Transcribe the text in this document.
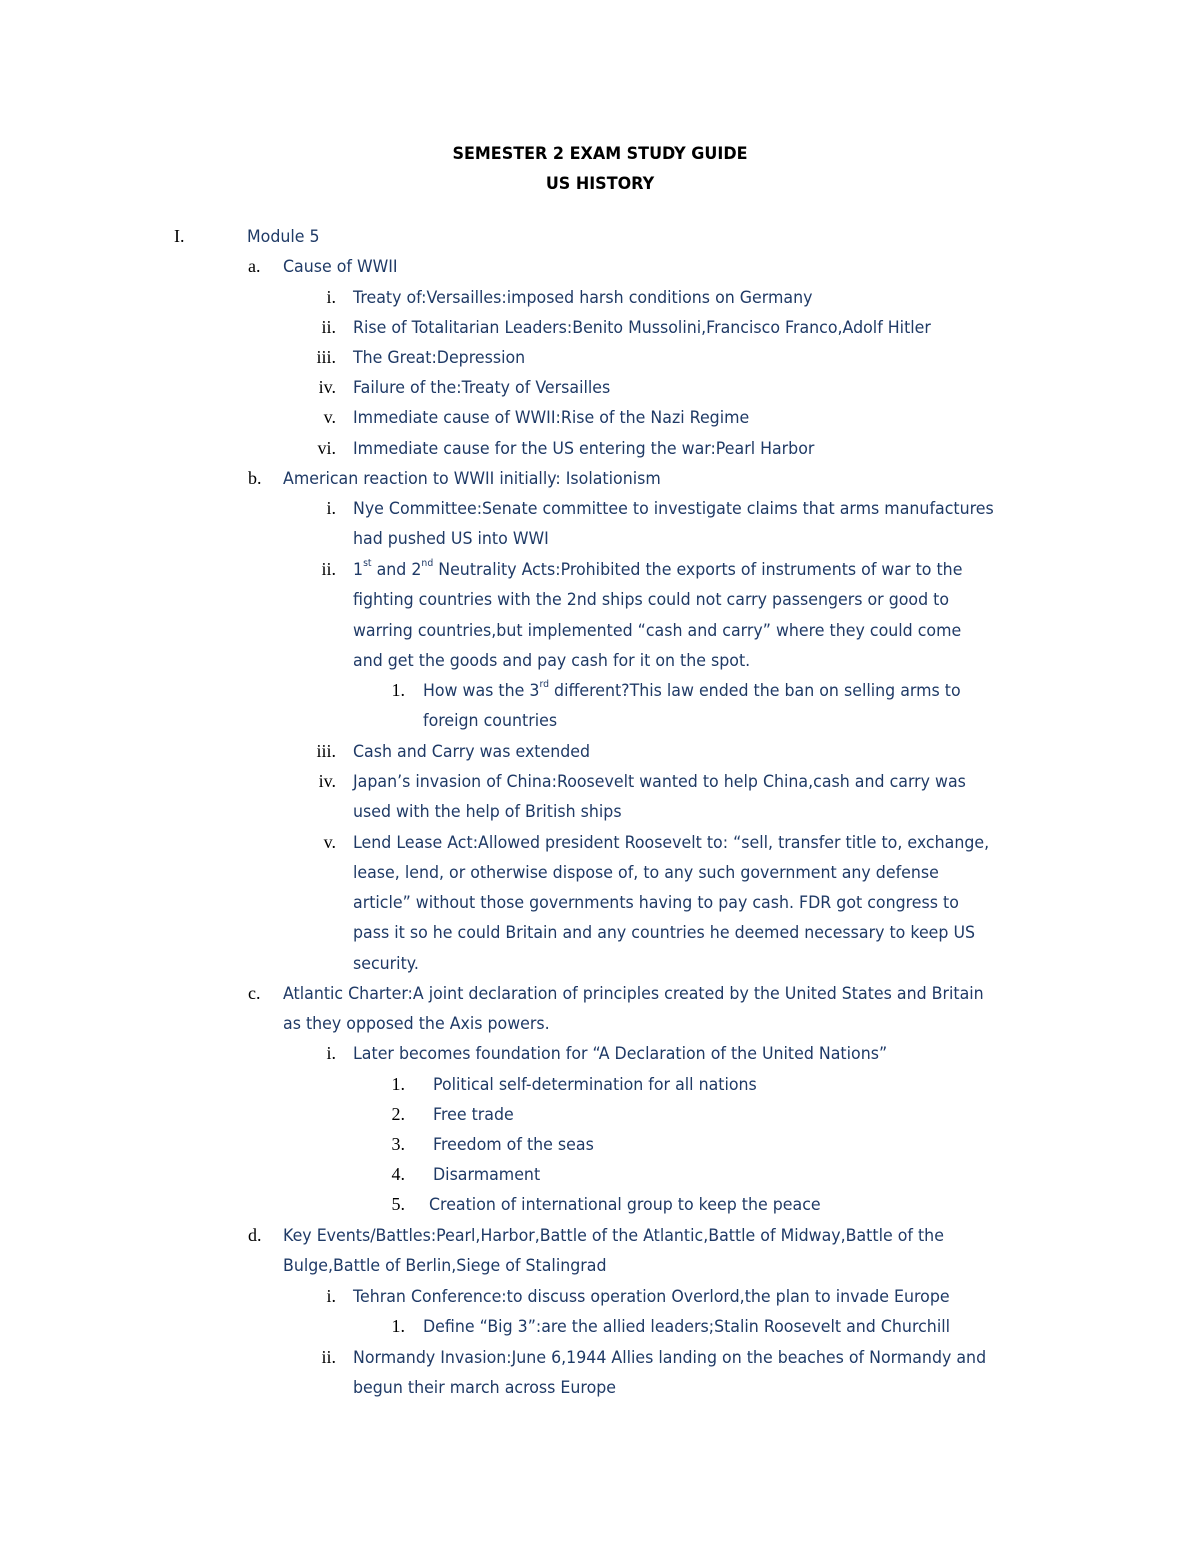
SEMESTER 2 EXAM STUDY GUIDE
US HISTORY
I.	Module 5
a. Cause of WWII
i. Treaty of:Versailles:imposed harsh conditions on Germany
ii. Rise of Totalitarian Leaders:Benito Mussolini,Francisco Franco,Adolf Hitler
iii. The Great:Depression
iv. Failure of the:Treaty of Versailles
v. Immediate cause of WWII:Rise of the Nazi Regime
vi. Immediate cause for the US entering the war:Pearl Harbor
b. American reaction to WWII initially: Isolationism
i. Nye Committee:Senate committee to investigate claims that arms manufactures
had pushed US into WWI
ii. 1st and 2nd Neutrality Acts:Prohibited the exports of instruments of war to the
fighting countries with the 2nd ships could not carry passengers or good to
warring countries,but implemented “cash and carry” where they could come
and get the goods and pay cash for it on the spot.
1. How was the 3rd different?This law ended the ban on selling arms to
foreign countries
iii. Cash and Carry was extended
iv. Japan’s invasion of China:Roosevelt wanted to help China,cash and carry was
used with the help of British ships
v. Lend Lease Act:Allowed president Roosevelt to: “sell, transfer title to, exchange,
lease, lend, or otherwise dispose of, to any such government any defense
article” without those governments having to pay cash. FDR got congress to
pass it so he could Britain and any countries he deemed necessary to keep US
security.
c. Atlantic Charter:A joint declaration of principles created by the United States and Britain
as they opposed the Axis powers.
i. Later becomes foundation for “A Declaration of the United Nations”
1. Political self-determination for all nations
2. Free trade
3. Freedom of the seas
4. Disarmament
5. Creation of international group to keep the peace
d. Key Events/Battles:Pearl,Harbor,Battle of the Atlantic,Battle of Midway,Battle of the
Bulge,Battle of Berlin,Siege of Stalingrad
i. Tehran Conference:to discuss operation Overlord,the plan to invade Europe
1. Define “Big 3”:are the allied leaders;Stalin Roosevelt and Churchill
ii. Normandy Invasion:June 6,1944 Allies landing on the beaches of Normandy and
begun their march across Europe
